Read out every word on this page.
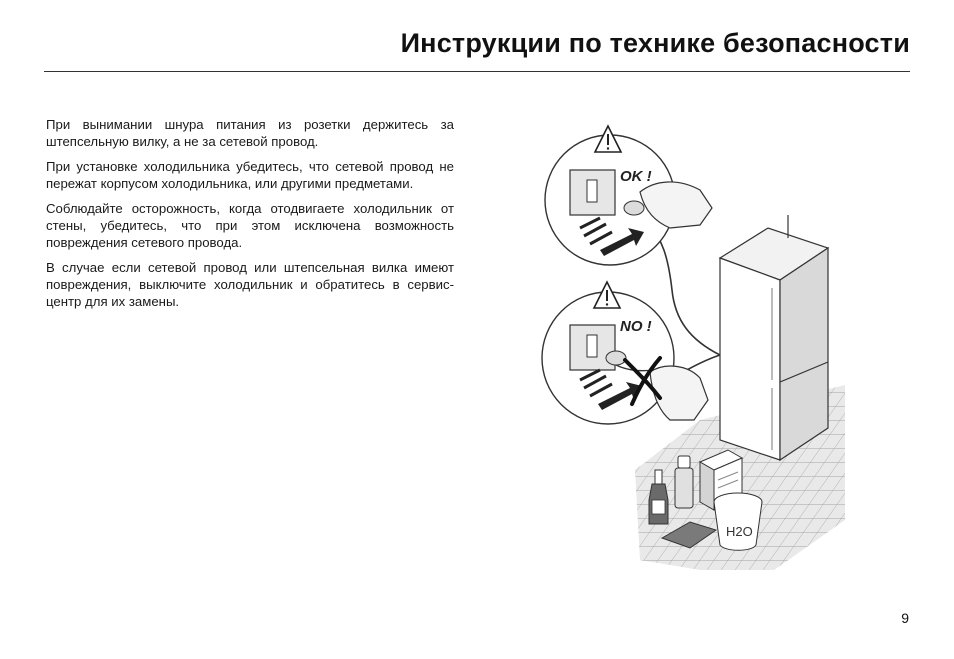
Инструкции по технике безопасности

При вынимании шнура питания из розетки держитесь за штепсельную вилку, а не за сетевой провод.

При установке холодильника убедитесь, что сетевой провод не пережат корпусом холодильника, или другими предметами.

Соблюдайте осторожность, когда отодвигаете холодильник от стены, убедитесь, что при этом исключена возможность повреждения сетевого провода.

В случае если сетевой провод или штепсельная вилка имеют повреждения, выключите холодильник и обратитесь в сервис-центр для их замены.

OK !
NO !
H2O
9
